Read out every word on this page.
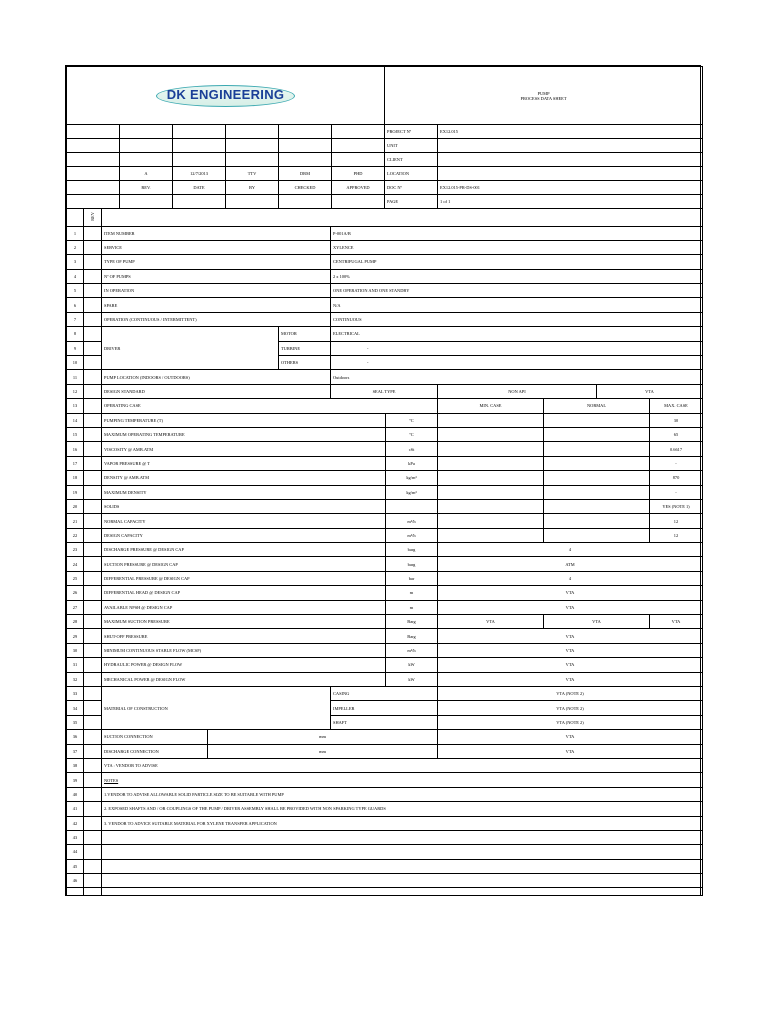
DK ENGINEERING						PUMP
PROCESS DATA SHEET	

						PROJECT Nº	EX12.015
						UNIT	
						CLIENT	
	A	12/7/2013	TTV	DRM	PHD	LOCATION	
	REV.	DATE	BY	CHECKED	APPROVED	DOC Nº	EX12.015-PR-DS-001
						PAGE	1 of 1
	REV									
1		ITEM NUMBER			P-001A/B					
2		SERVICE			XYLENCE					
3		TYPE OF PUMP			CENTRIFUGAL PUMP					
4		Nº OF PUMPS			2 x 100%					
5		IN OPERATION			ONE OPERATION AND ONE STANDBY					
6		SPARE			N/A					
7		OPERATION (CONTINUOUS / INTERMITTENT)			CONTINUOUS					
8		DRIVER		MOTOR	ELECTRICAL					
9				TURBINE	-					
10				OTHERS	-					
11		PUMP LOCATION (INDOORS / OUTDOORS)			Outdoors					
12		DESIGN STANDARD			SEAL TYPE		NON API		VTA	
13		OPERATING CASE					MIN. CASE	NORMAL		MAX. CASE
14		PUMPING TEMPERATURE (T)				ºC				30
15		MAXIMUM OPERATING TEMPERATURE				ºC				65
16		VISCOSITY @ AMB.ATM				cSt				0.6617
17		VAPOR PRESSURE @ T				kPa				-
18		DENSITY @ AMB.ATM				kg/m³				870
19		MAXIMUM DENSITY				kg/m³				-
20		SOLIDS								YES (NOTE 1)
21		NORMAL CAPACITY				m³/h				12
22		DESIGN CAPACITY				m³/h				12
23		DISCHARGE PRESSURE @ DESIGN CAP				barg	4			
24		SUCTION PRESSURE @ DESIGN CAP				barg	ATM			
25		DIFFERENTIAL PRESSURE @ DESIGN CAP				bar	4			
26		DIFFERENTIAL HEAD @ DESIGN CAP				m	VTA			
27		AVAILABLE NPSH @ DESIGN CAP				m	VTA			
28		MAXIMUM SUCTION PRESSURE				Barg	VTA	VTA		VTA
29		SHUT-OFF PRESSURE				Barg	VTA			
30		MINIMUM CONTINUOUS STABLE FLOW (MCSF)				m³/h	VTA			
31		HYDRAULIC POWER @ DESIGN FLOW				kW	VTA			
32		MECHANICAL POWER @ DESIGN FLOW				kW	VTA			
33		MATERIAL OF CONSTRUCTION			CASING		VTA (NOTE 2)			
34					IMPELLER		VTA (NOTE 2)			
35					SHAFT		VTA (NOTE 2)			
36		SUCTION CONNECTION	mm				VTA			
37		DISCHARGE CONNECTION	mm				VTA			
38		VTA : VENDOR TO ADVISE								
39		NOTES								
40		1.VENDOR TO ADVISE ALLOWABLE SOLID PARTICLE SIZE TO BE SUITABLE WITH PUMP								
41		2. EXPOSED SHAFTS AND / OR COUPLINGS OF THE PUMP / DRIVER ASSEMBLY SHALL BE PROVIDED WITH NON SPARKING TYPE GUARDS								
42		3. VENDOR TO ADVICE SUITABLE MATERIAL FOR XYLENE TRANSFER APPLICATION								
43										
44										
45										
46										
